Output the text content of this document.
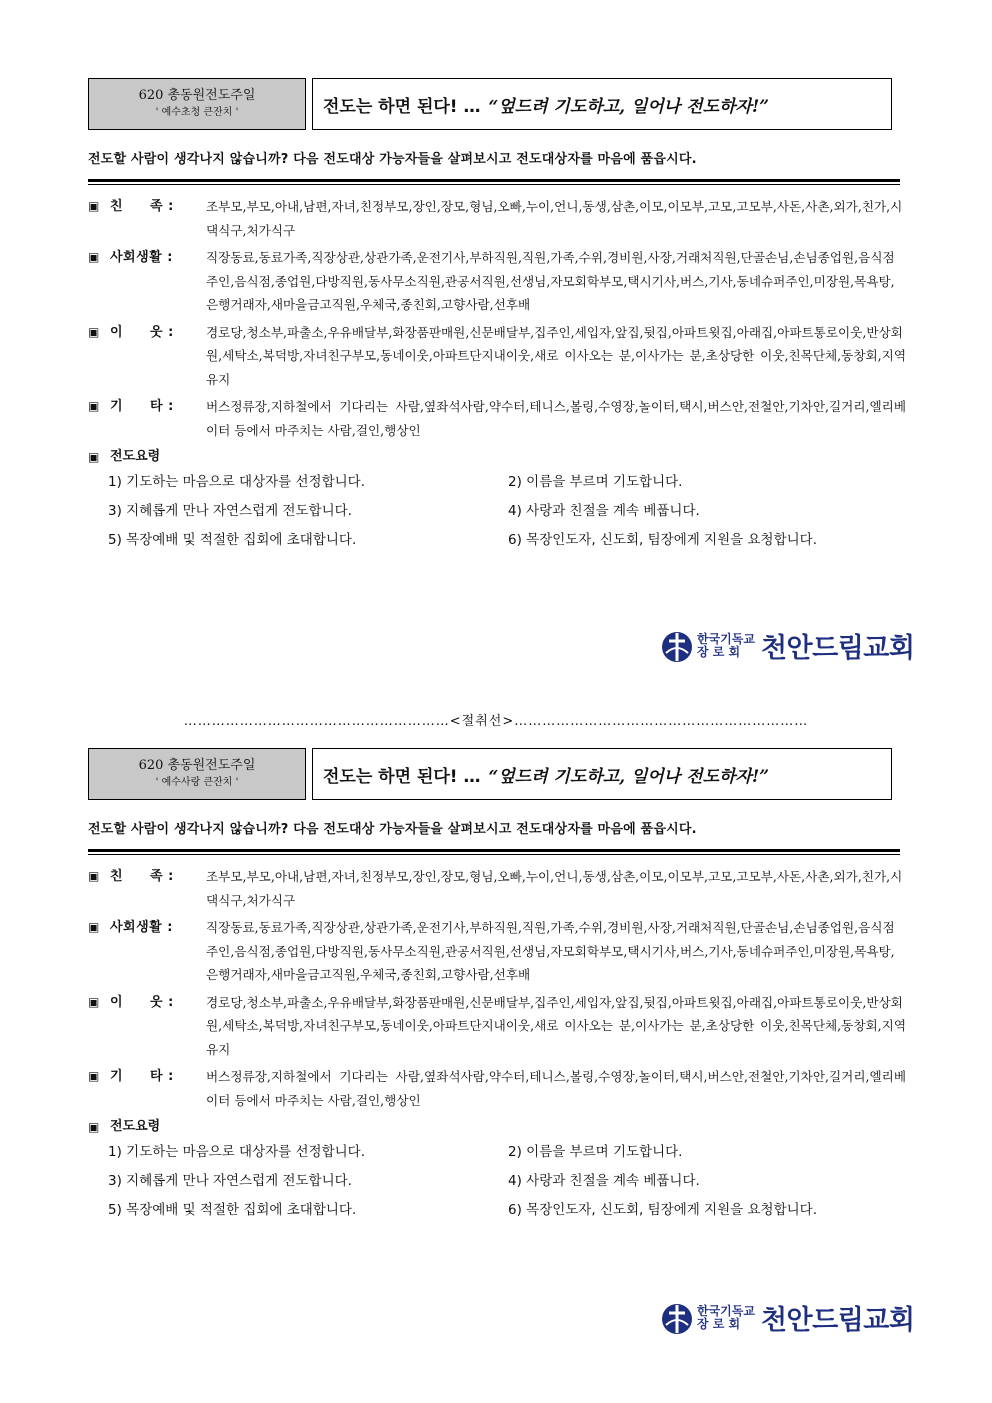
620 총동원전도주일
' 예수초청 큰잔치 '	전도는 하면 된다! … “엎드려 기도하고, 일어나 전도하자!”
전도할 사람이 생각나지 않습니까? 다음 전도대상 가능자들을 살펴보시고 전도대상자를 마음에 품읍시다.
▣ 친　　족 :	조부모,부모,아내,남편,자녀,친정부모,장인,장모,형님,오빠,누이,언니,동생,삼촌,이모,이모부,고모,고모부,사돈,사촌,외가,친가,시댁식구,처가식구
▣ 사회생활 :	직장동료,동료가족,직장상관,상관가족,운전기사,부하직원,직원,가족,수위,경비원,사장,거래처직원,단골손님,손님종업원,음식점 주인,음식점,종업원,다방직원,동사무소직원,관공서직원,선생님,자모회학부모,택시기사,버스,기사,동네슈퍼주인,미장원,목욕탕,은행거래자,새마을금고직원,우체국,종친회,고향사람,선후배
▣ 이　　웃 :	경로당,청소부,파출소,우유배달부,화장품판매원,신문배달부,집주인,세입자,앞집,뒷집,아파트윗집,아래집,아파트통로이웃,반상회원,세탁소,복덕방,자녀친구부모,동네이웃,아파트단지내이웃,새로 이사오는 분,이사가는 분,초상당한 이웃,친목단체,동창회,지역유지
▣ 기　　타 :	버스정류장,지하철에서 기다리는 사람,옆좌석사람,약수터,테니스,볼링,수영장,놀이터,택시,버스안,전철안,기차안,길거리,엘리베이터 등에서 마주치는 사람,걸인,행상인
▣ 전도요령
1) 기도하는 마음으로 대상자를 선정합니다.	2) 이름을 부르며 기도합니다.
3) 지혜롭게 만나 자연스럽게 전도합니다.	4) 사랑과 친절을 계속 베풉니다.
5) 목장예배 및 적절한 집회에 초대합니다.	6) 목장인도자, 신도회, 팀장에게 지원을 요청합니다.
한국기독교
장 로 회 천안드림교회
…………………………………………………<절취선>………………………………………………………
620 총동원전도주일
' 예수사랑 큰잔치 '	전도는 하면 된다! … “엎드려 기도하고, 일어나 전도하자!”
전도할 사람이 생각나지 않습니까? 다음 전도대상 가능자들을 살펴보시고 전도대상자를 마음에 품읍시다.
▣ 친　　족 :	조부모,부모,아내,남편,자녀,친정부모,장인,장모,형님,오빠,누이,언니,동생,삼촌,이모,이모부,고모,고모부,사돈,사촌,외가,친가,시댁식구,처가식구
▣ 사회생활 :	직장동료,동료가족,직장상관,상관가족,운전기사,부하직원,직원,가족,수위,경비원,사장,거래처직원,단골손님,손님종업원,음식점 주인,음식점,종업원,다방직원,동사무소직원,관공서직원,선생님,자모회학부모,택시기사,버스,기사,동네슈퍼주인,미장원,목욕탕,은행거래자,새마을금고직원,우체국,종친회,고향사람,선후배
▣ 이　　웃 :	경로당,청소부,파출소,우유배달부,화장품판매원,신문배달부,집주인,세입자,앞집,뒷집,아파트윗집,아래집,아파트통로이웃,반상회원,세탁소,복덕방,자녀친구부모,동네이웃,아파트단지내이웃,새로 이사오는 분,이사가는 분,초상당한 이웃,친목단체,동창회,지역유지
▣ 기　　타 :	버스정류장,지하철에서 기다리는 사람,옆좌석사람,약수터,테니스,볼링,수영장,놀이터,택시,버스안,전철안,기차안,길거리,엘리베이터 등에서 마주치는 사람,걸인,행상인
▣ 전도요령
1) 기도하는 마음으로 대상자를 선정합니다.	2) 이름을 부르며 기도합니다.
3) 지혜롭게 만나 자연스럽게 전도합니다.	4) 사랑과 친절을 계속 베풉니다.
5) 목장예배 및 적절한 집회에 초대합니다.	6) 목장인도자, 신도회, 팀장에게 지원을 요청합니다.
한국기독교
장 로 회 천안드림교회
